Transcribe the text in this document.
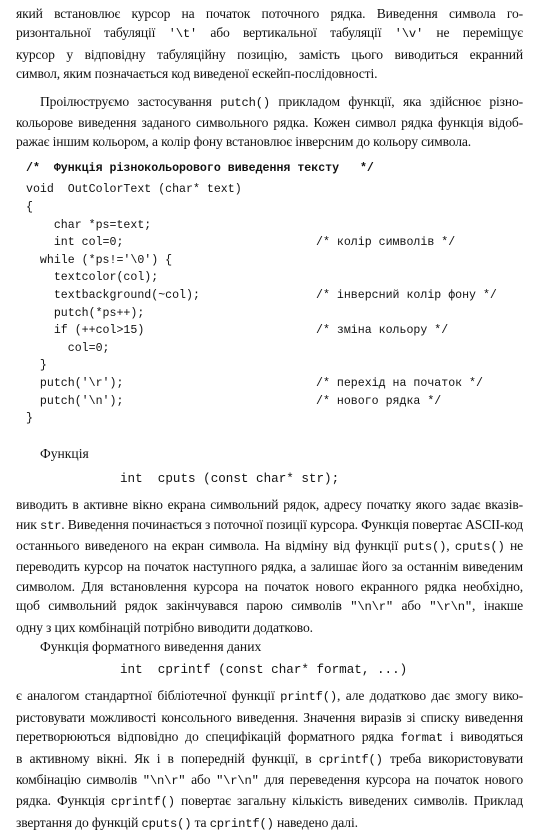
який встановлює курсор на початок поточного рядка. Виведення символа го-
ризонтальної табуляції '\t' або вертикальної табуляції '\v' не переміщує
курсор у відповідну табуляційну позицію, замість цього виводиться екранний
символ, яким позначається код виведеної ескейп-послідовності.
Проілюструємо застосування putch() прикладом функції, яка здійснює різно-
кольорове виведення заданого символьного рядка. Кожен символ рядка функція відоб-
ражає іншим кольором, а колір фону встановлює інверсним до кольору символа.
/*  Функція різнокольорового виведення тексту   */
void  OutColorText (char* text)
{
char *ps=text;
int col=0;	/* колір символів */
while (*ps!='\0') {
textcolor(col);
textbackground(~col);	/* інверсний колір фону */
putch(*ps++);
if (++col>15)	/* зміна кольору */
col=0;
}
putch('\r');	/* перехід на початок */
putch('\n');	/* нового рядка */
}

Функція

int  cputs (const char* str);

виводить в активне вікно екрана символьний рядок, адресу початку якого задає вказів-
ник str. Виведення починається з поточної позиції курсора. Функція повертає ASCII-код
останнього виведеного на екран символа. На відміну від функції puts(), cputs() не
переводить курсор на початок наступного рядка, а залишає його за останнім виведеним
символом. Для встановлення курсора на початок нового екранного рядка необхідно,
щоб символьний рядок закінчувався парою символів "\n\r" або "\r\n", інакше
одну з цих комбінацій потрібно виводити додатково.

Функція форматного виведення даних

int  cprintf (const char* format, ...)

є аналогом стандартної бібліотечної функції printf(), але додатково дає змогу вико-
ристовувати можливості консольного виведення. Значення виразів зі списку виведення
перетворюються відповідно до специфікацій форматного рядка format і виводяться
в активному вікні. Як і в попередній функції, в cprintf() треба використовувати
комбінацію символів "\n\r" або "\r\n" для переведення курсора на початок нового
рядка. Функція cprintf() повертає загальну кількість виведених символів. Приклад
звертання до функцій cputs() та cprintf() наведено далі.
